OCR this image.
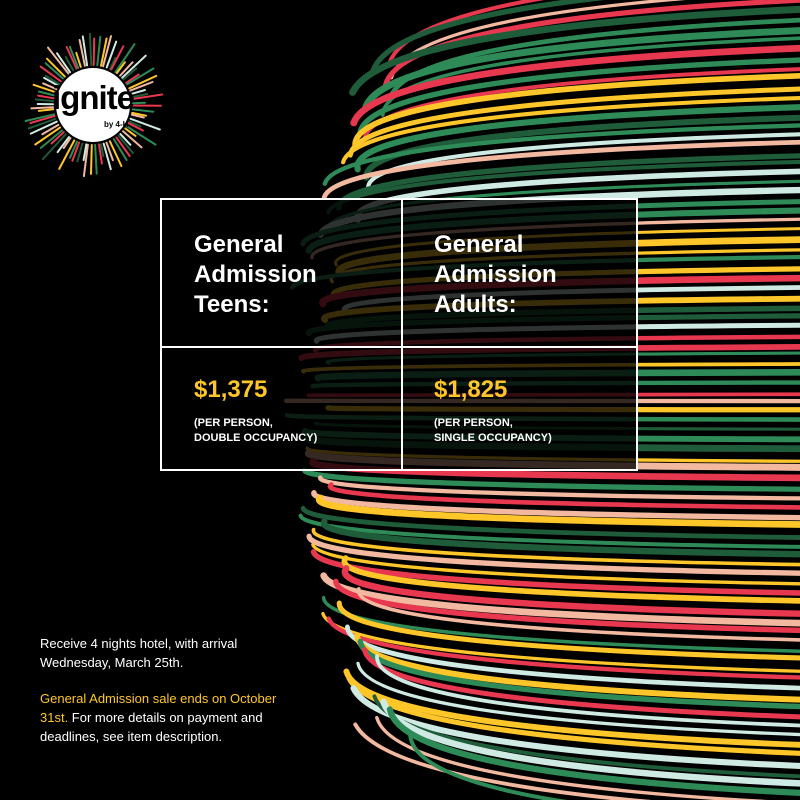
ignite
by 4-H
General
Admission
Teens:
$1,375
(PER PERSON,
DOUBLE OCCUPANCY)
General
Admission
Adults:
$1,825
(PER PERSON,
SINGLE OCCUPANCY)

Receive 4 nights hotel, with arrival Wednesday, March 25th.

General Admission sale ends on October 31st. For more details on payment and deadlines, see item description.
